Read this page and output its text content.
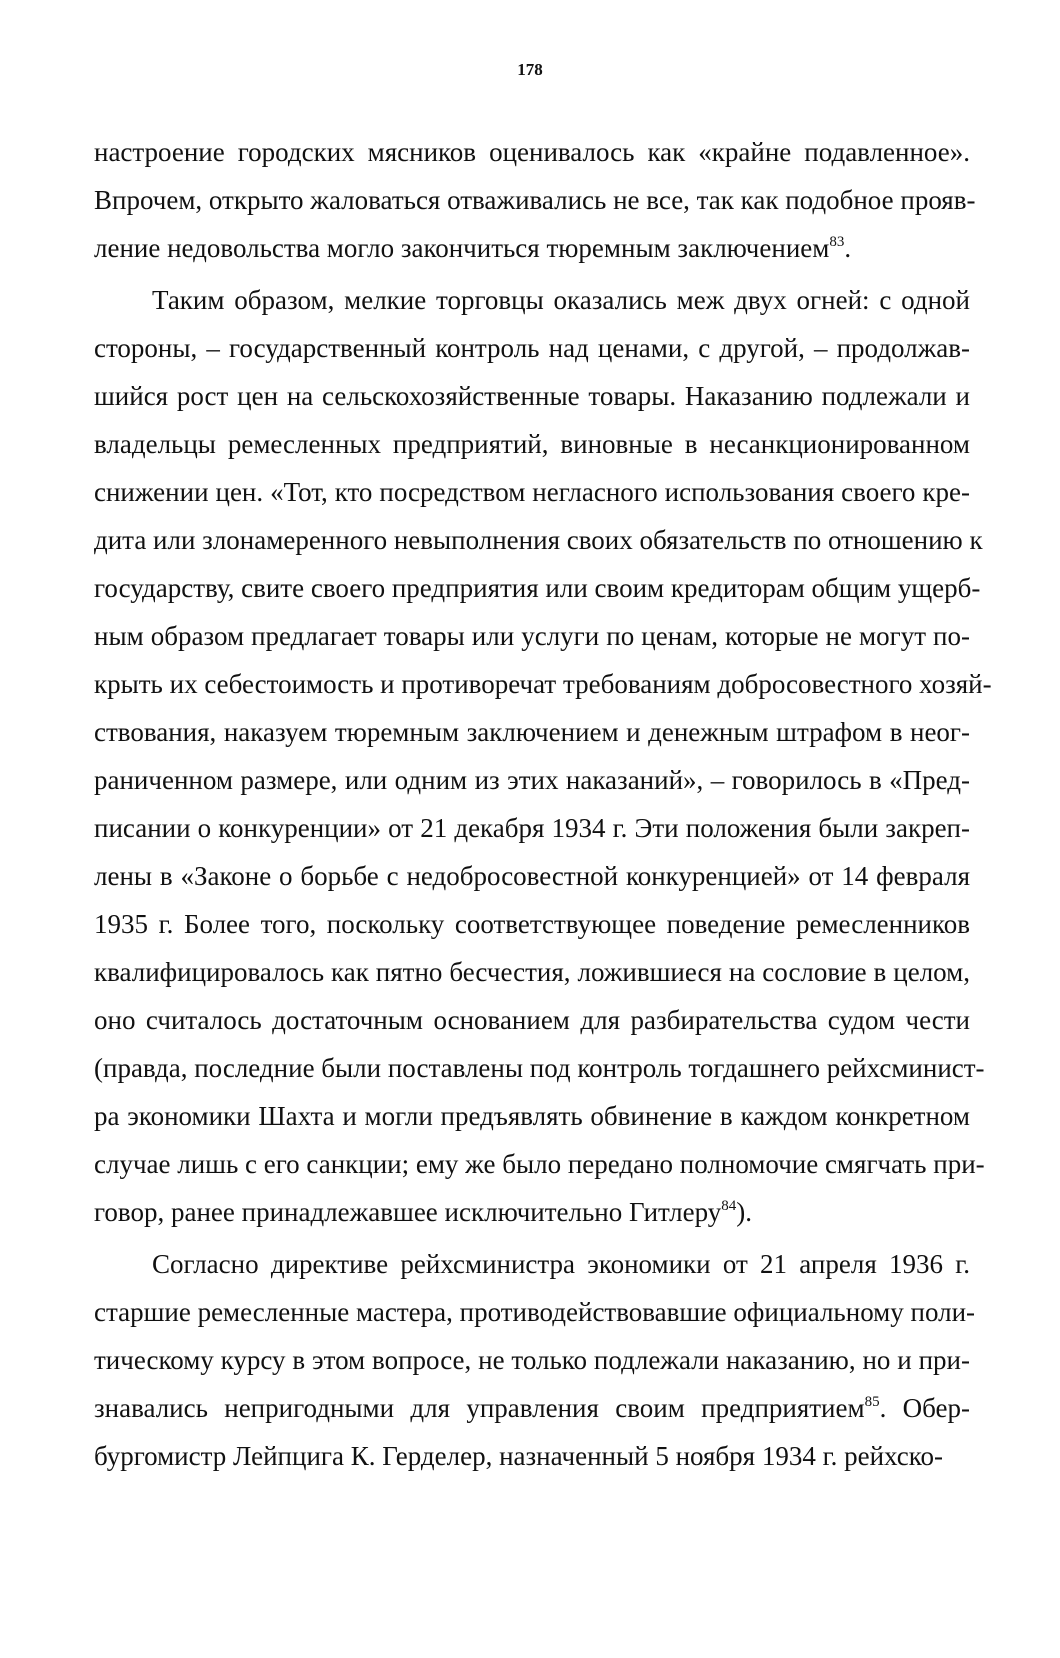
178
настроение городских мясников оценивалось как «крайне подавленное».
Впрочем, открыто жаловаться отваживались не все, так как подобное прояв-
ление недовольства могло закончиться тюремным заключением$^{83}$.
Таким образом, мелкие торговцы оказались меж двух огней: с одной
стороны, – государственный контроль над ценами, с другой, – продолжав-
шийся рост цен на сельскохозяйственные товары. Наказанию подлежали и
владельцы ремесленных предприятий, виновные в несанкционированном
снижении цен. «Тот, кто посредством негласного использования своего кре-
дита или злонамеренного невыполнения своих обязательств по отношению к
государству, свите своего предприятия или своим кредиторам общим ущерб-
ным образом предлагает товары или услуги по ценам, которые не могут по-
крыть их себестоимость и противоречат требованиям добросовестного хозяй-
ствования, наказуем тюремным заключением и денежным штрафом в неог-
раниченном размере, или одним из этих наказаний», – говорилось в «Пред-
писании о конкуренции» от 21 декабря 1934 г. Эти положения были закреп-
лены в «Законе о борьбе с недобросовестной конкуренцией» от 14 февраля
1935 г. Более того, поскольку соответствующее поведение ремесленников
квалифицировалось как пятно бесчестия, ложившиеся на сословие в целом,
оно считалось достаточным основанием для разбирательства судом чести
(правда, последние были поставлены под контроль тогдашнего рейхсминист-
ра экономики Шахта и могли предъявлять обвинение в каждом конкретном
случае лишь с его санкции; ему же было передано полномочие смягчать при-
говор, ранее принадлежавшее исключительно Гитлеру$^{84}$).
Согласно директиве рейхсминистра экономики от 21 апреля 1936 г.
старшие ремесленные мастера, противодействовавшие официальному поли-
тическому курсу в этом вопросе, не только подлежали наказанию, но и при-
знавались непригодными для управления своим предприятием$^{85}$. Обер-
бургомистр Лейпцига К. Герделер, назначенный 5 ноября 1934 г. рейхско-
